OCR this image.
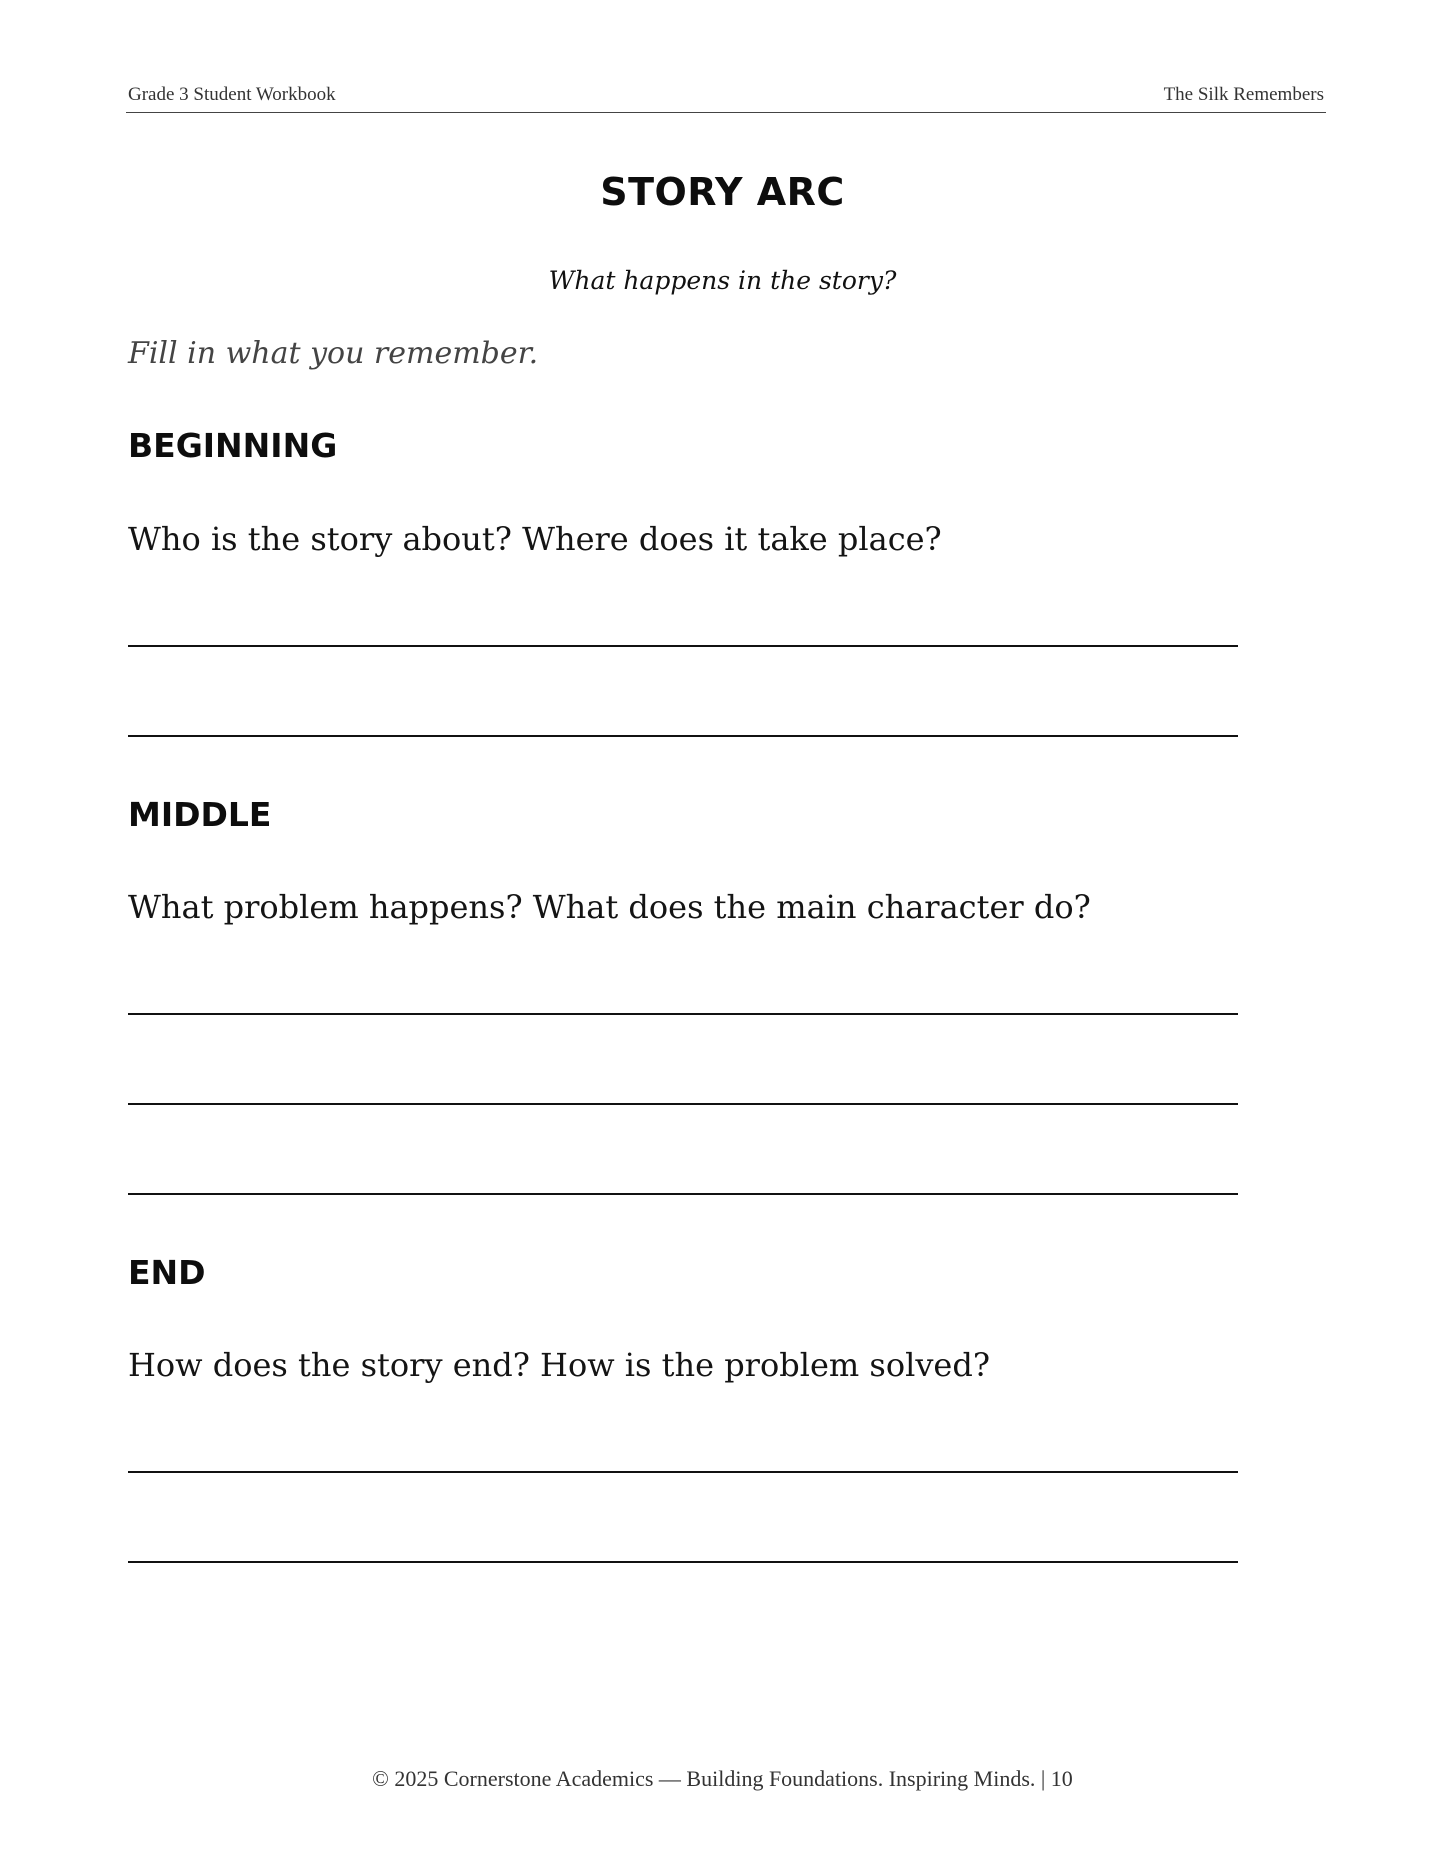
Grade 3 Student Workbook	The Silk Remembers
STORY ARC
What happens in the story?
Fill in what you remember.
BEGINNING
Who is the story about? Where does it take place?
MIDDLE
What problem happens? What does the main character do?
END
How does the story end? How is the problem solved?
© 2025 Cornerstone Academics — Building Foundations. Inspiring Minds. | 10
